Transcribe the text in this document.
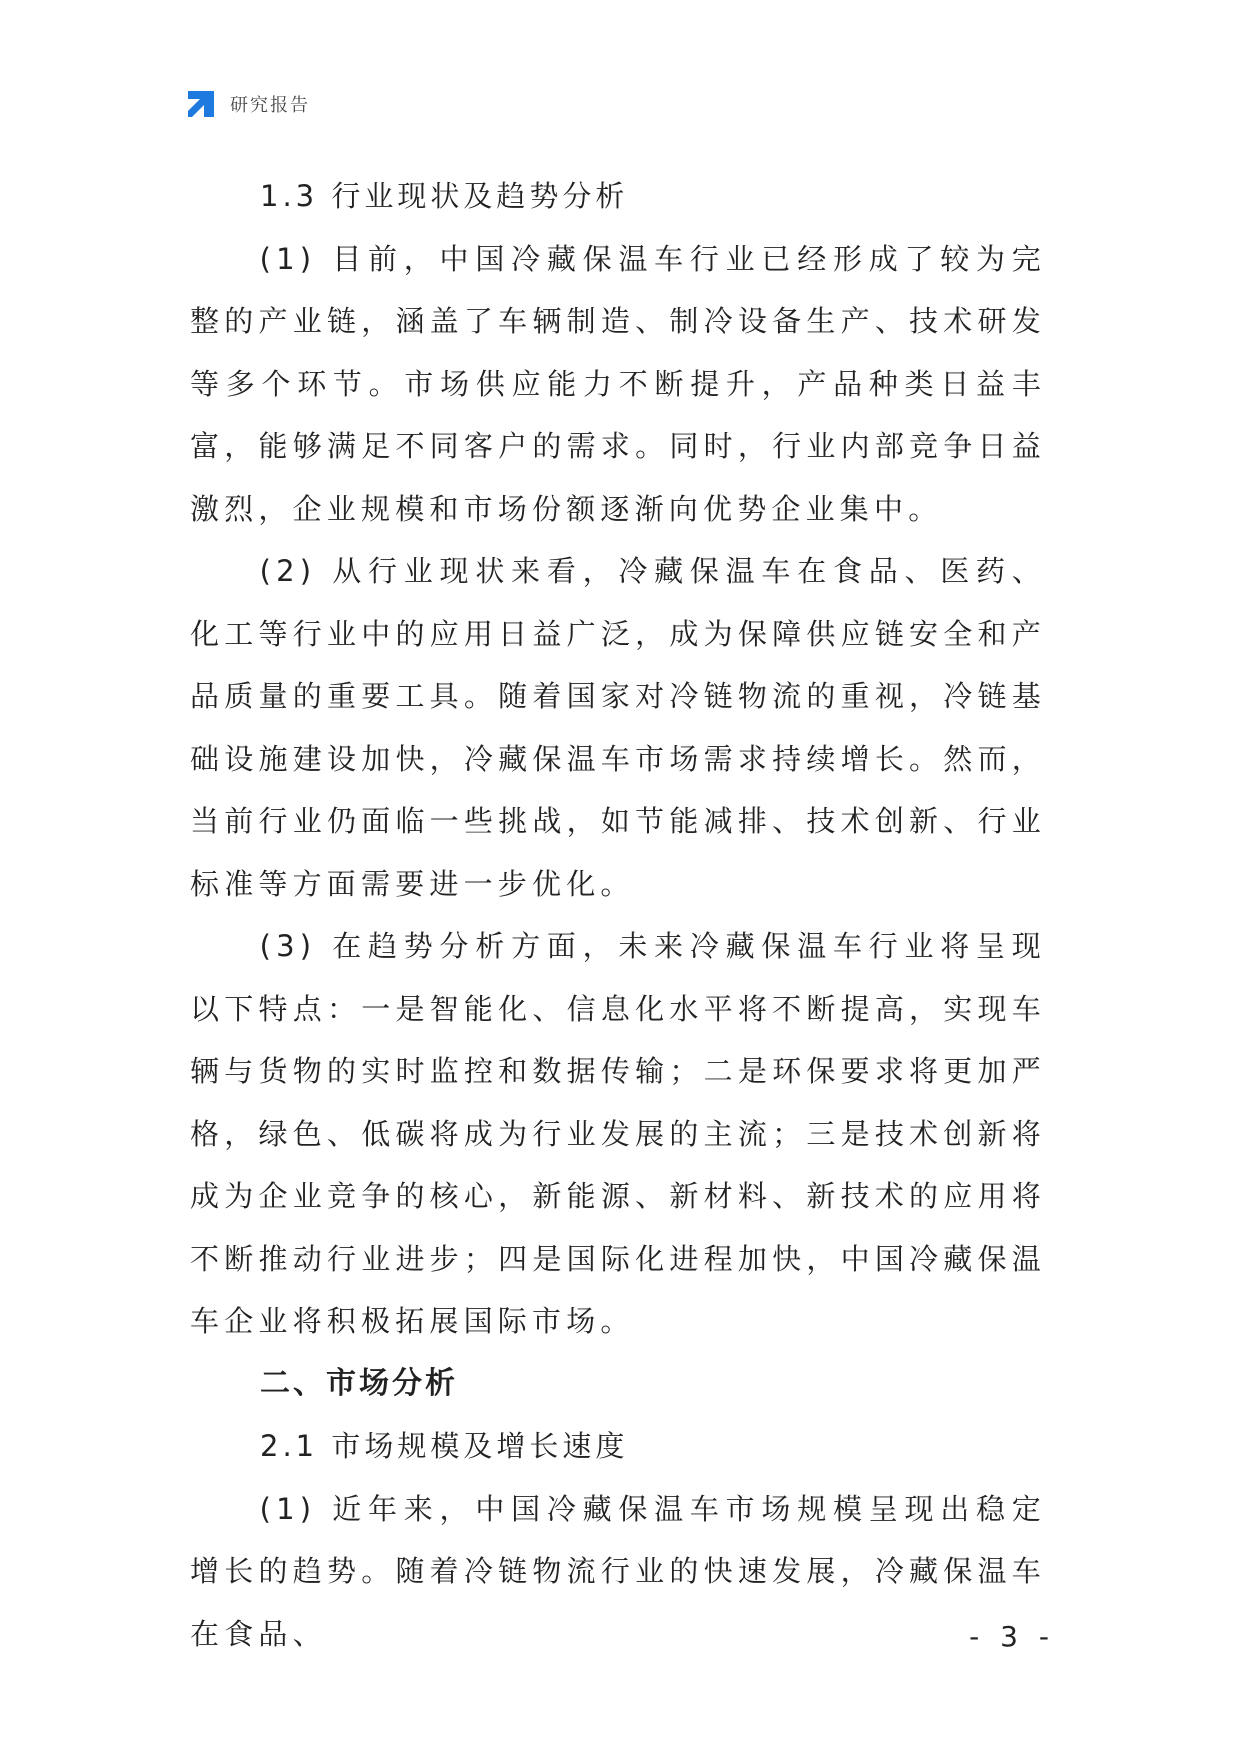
研究报告

1.3 行业现状及趋势分析

(1) 目前，中国冷藏保温车行业已经形成了较为完整的产业链，涵盖了车辆制造、制冷设备生产、技术研发等多个环节。市场供应能力不断提升，产品种类日益丰富，能够满足不同客户的需求。同时，行业内部竞争日益激烈，企业规模和市场份额逐渐向优势企业集中。

(2) 从行业现状来看，冷藏保温车在食品、医药、化工等行业中的应用日益广泛，成为保障供应链安全和产品质量的重要工具。随着国家对冷链物流的重视，冷链基础设施建设加快，冷藏保温车市场需求持续增长。然而，当前行业仍面临一些挑战，如节能减排、技术创新、行业标准等方面需要进一步优化。

(3) 在趋势分析方面，未来冷藏保温车行业将呈现以下特点：一是智能化、信息化水平将不断提高，实现车辆与货物的实时监控和数据传输；二是环保要求将更加严格，绿色、低碳将成为行业发展的主流；三是技术创新将成为企业竞争的核心，新能源、新材料、新技术的应用将不断推动行业进步；四是国际化进程加快，中国冷藏保温车企业将积极拓展国际市场。

二、市场分析

2.1 市场规模及增长速度

(1) 近年来，中国冷藏保温车市场规模呈现出稳定增长的趋势。随着冷链物流行业的快速发展，冷藏保温车在食品、	- 3 -
